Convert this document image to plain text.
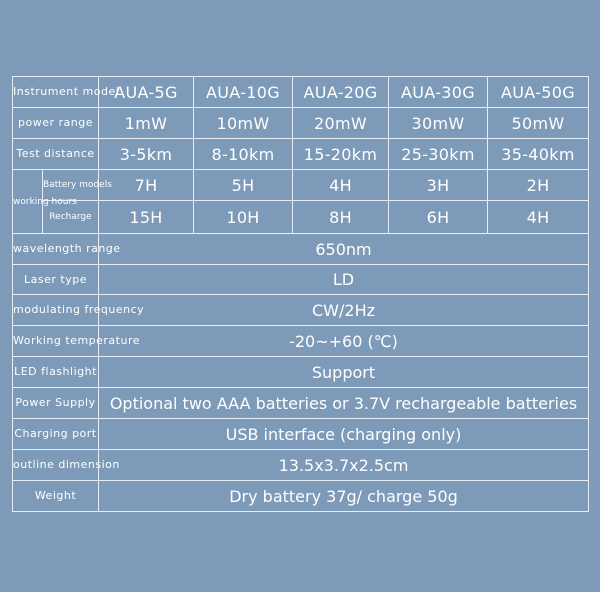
Instrument model		AUA-5G	AUA-10G	AUA-20G	AUA-30G	AUA-50G
power range		1mW	10mW	20mW	30mW	50mW
Test distance		3-5km	8-10km	15-20km	25-30km	35-40km
working hours	Battery models	7H	5H	4H	3H	2H
	Recharge	15H	10H	8H	6H	4H
wavelength range		650nm				
Laser type		LD				
modulating frequency		CW/2Hz				
Working temperature		-20~+60 (℃)				
LED flashlight		Support				
Power Supply		Optional two AAA batteries or 3.7V rechargeable batteries				
Charging port		USB interface (charging only)				
outline dimension		13.5x3.7x2.5cm				
Weight		Dry battery 37g/ charge 50g				
